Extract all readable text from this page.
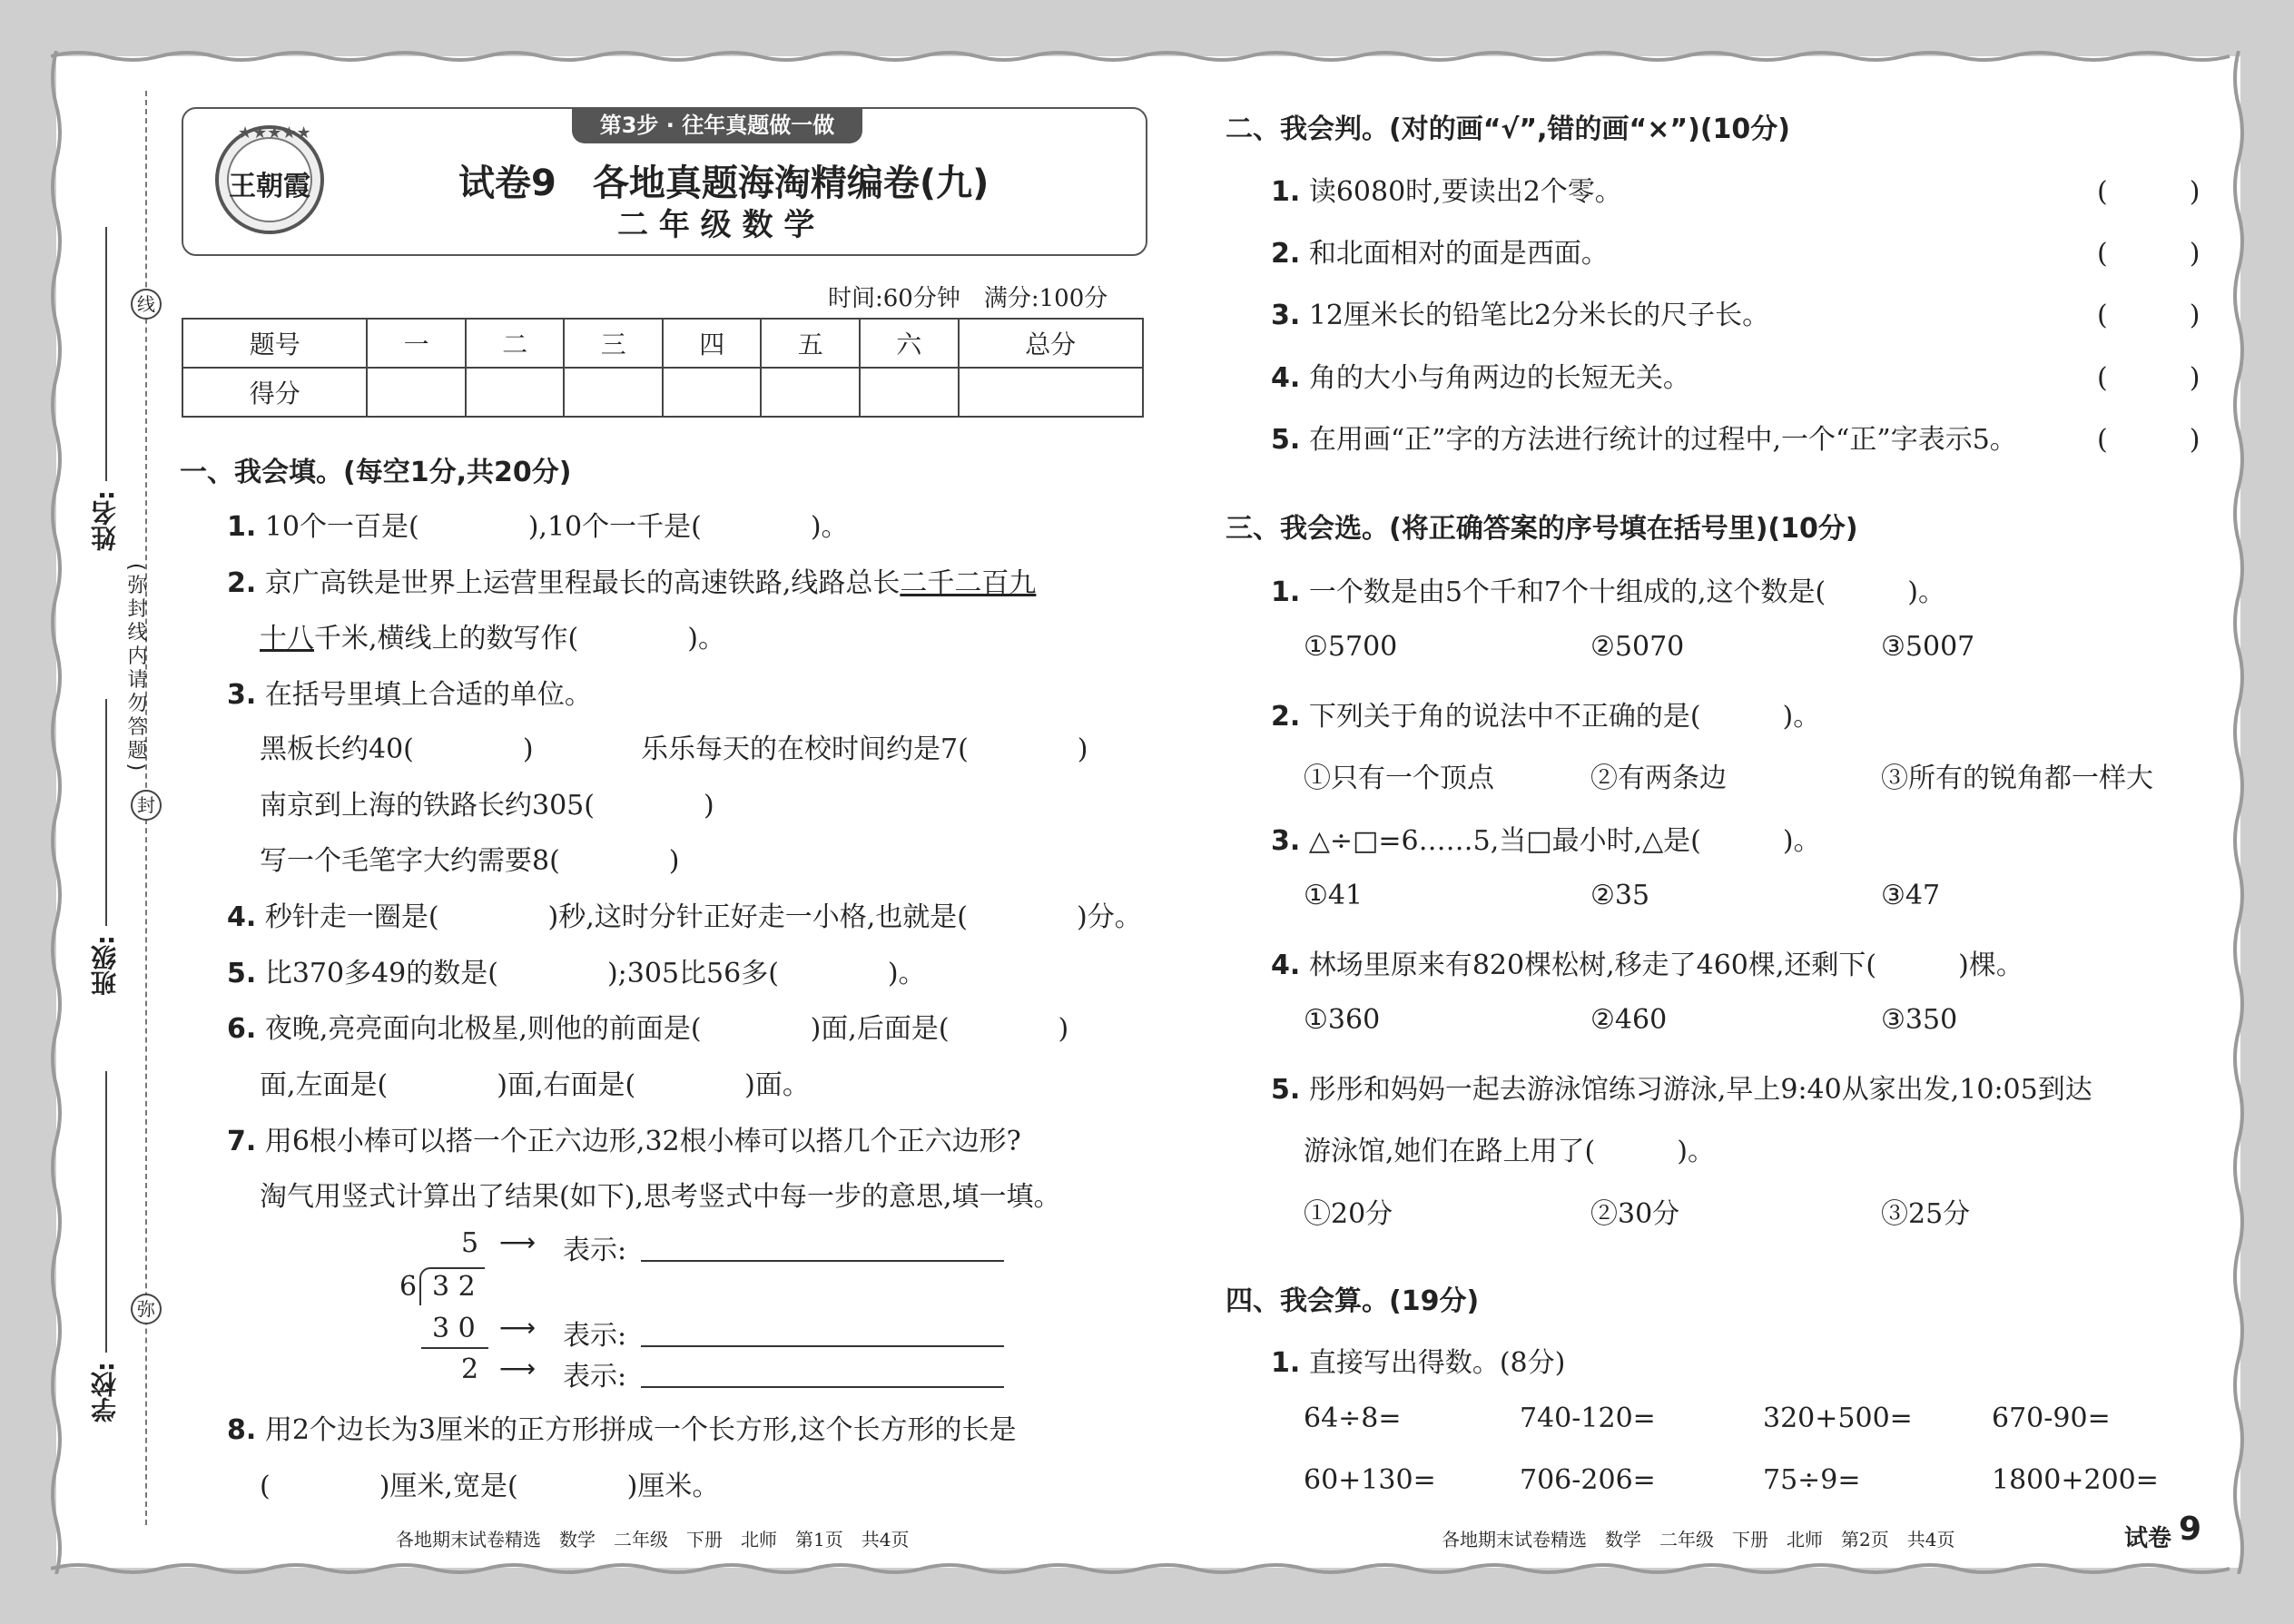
线
封
弥
(弥封线内请勿答题)
姓名:
班级:
学校:
第3步 · 往年真题做一做
★★★★★
王朝霞	试卷9　各地真题海淘精编卷(九)
二 年 级 数 学
时间:60分钟　满分:100分
题号	一	二	三	四	五	六	总分
得分							
一、我会填。(每空1分,共20分)
1. 10个一百是(　　　　),10个一千是(　　　　)。
2. 京广高铁是世界上运营里程最长的高速铁路,线路总长二千二百九
十八千米,横线上的数写作(　　　　)。
3. 在括号里填上合适的单位。
黑板长约40(　　　　)	乐乐每天的在校时间约是7(　　　　)
南京到上海的铁路长约305(　　　　)
写一个毛笔字大约需要8(　　　　)
4. 秒针走一圈是(　　　　)秒,这时分针正好走一小格,也就是(　　　　)分。
5. 比370多49的数是(　　　　);305比56多(　　　　)。
6. 夜晚,亮亮面向北极星,则他的前面是(　　　　)面,后面是(　　　　)
面,左面是(　　　　)面,右面是(　　　　)面。
7. 用6根小棒可以搭一个正六边形,32根小棒可以搭几个正六边形?
淘气用竖式计算出了结果(如下),思考竖式中每一步的意思,填一填。
5
6 3 2
3 0
2
⟶ 表示:
⟶ 表示:
⟶ 表示:
8. 用2个边长为3厘米的正方形拼成一个长方形,这个长方形的长是
(　　　　)厘米,宽是(　　　　)厘米。
各地期末试卷精选　数学　二年级　下册　北师　第1页　共4页	各地期末试卷精选　数学　二年级　下册　北师　第2页　共4页	试卷 9
二、我会判。(对的画“√”,错的画“×”)(10分)
1. 读6080时,要读出2个零。	(　　　)
2. 和北面相对的面是西面。	(　　　)
3. 12厘米长的铅笔比2分米长的尺子长。	(　　　)
4. 角的大小与角两边的长短无关。	(　　　)
5. 在用画“正”字的方法进行统计的过程中,一个“正”字表示5。	(　　　)
三、我会选。(将正确答案的序号填在括号里)(10分)
1. 一个数是由5个千和7个十组成的,这个数是(　　　)。
①5700	②5070	③5007
2. 下列关于角的说法中不正确的是(　　　)。
①只有一个顶点	②有两条边	③所有的锐角都一样大
3. △÷□=6……5,当□最小时,△是(　　　)。
①41	②35	③47
4. 林场里原来有820棵松树,移走了460棵,还剩下(　　　)棵。
①360	②460	③350
5. 彤彤和妈妈一起去游泳馆练习游泳,早上9:40从家出发,10:05到达
游泳馆,她们在路上用了(　　　)。
①20分	②30分	③25分
四、我会算。(19分)
1. 直接写出得数。(8分)
64÷8=	740-120=	320+500=	670-90=
60+130=	706-206=	75÷9=	1800+200=
